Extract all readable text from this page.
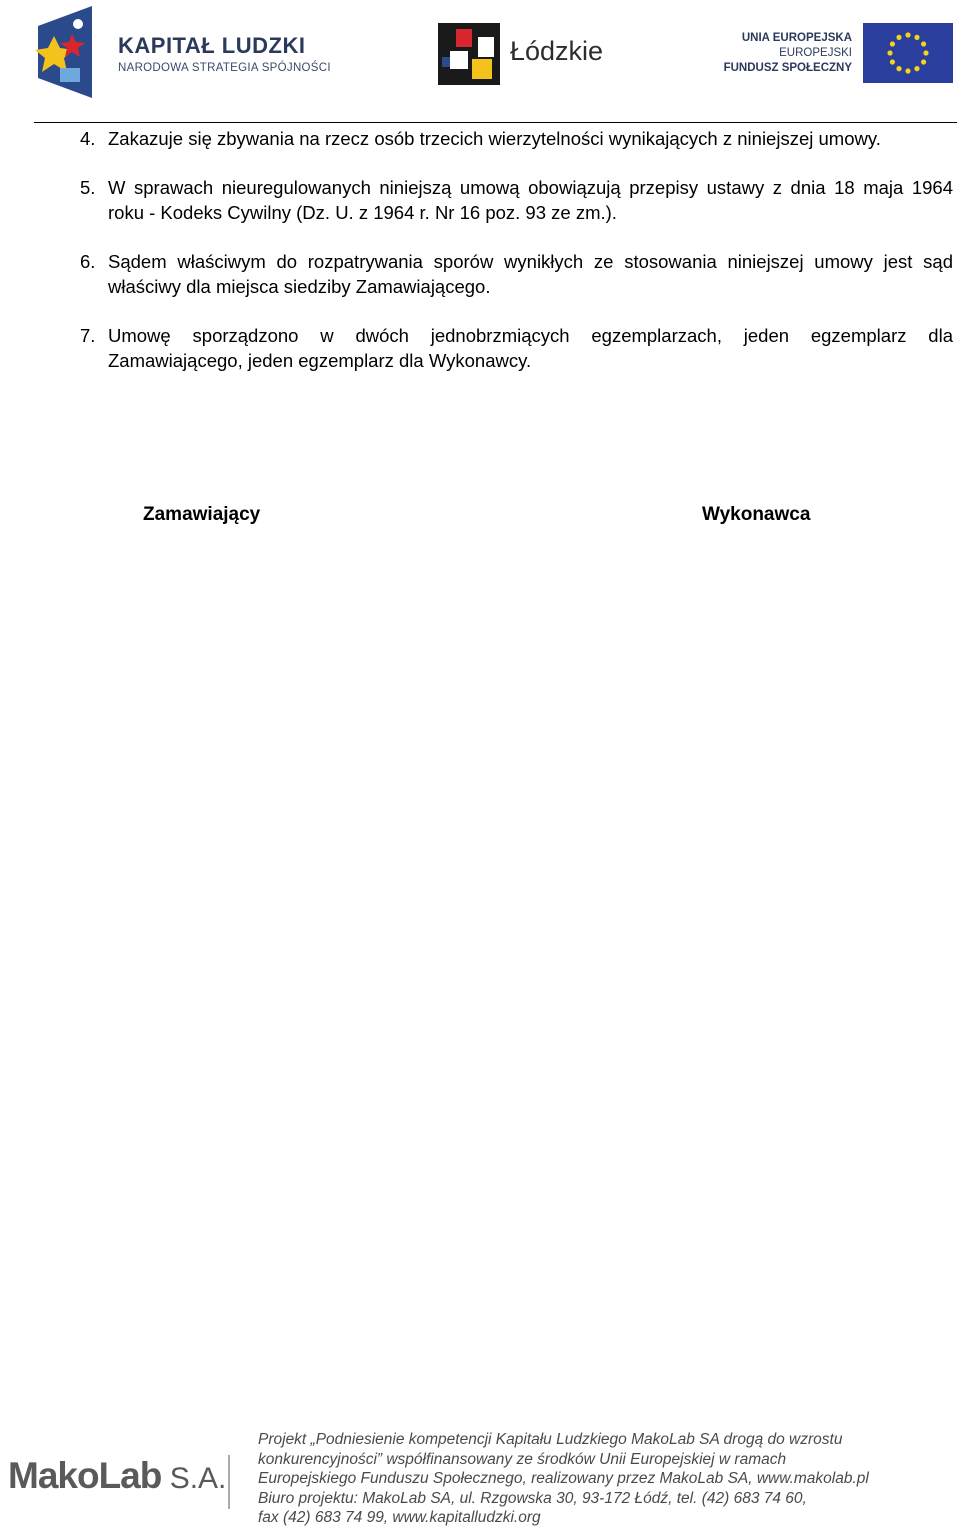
KAPITAŁ LUDZKI
NARODOWA STRATEGIA SPÓJNOŚCI
Łódzkie	UNIA EUROPEJSKA
EUROPEJSKI
FUNDUSZ SPOŁECZNY
4. Zakazuje się zbywania na rzecz osób trzecich wierzytelności wynikających z niniejszej umowy.
5. W sprawach nieuregulowanych niniejszą umową obowiązują przepisy ustawy z dnia 18 maja 1964 roku - Kodeks Cywilny (Dz. U. z 1964 r. Nr 16 poz. 93 ze zm.).
6. Sądem właściwym do rozpatrywania sporów wynikłych ze stosowania niniejszej umowy jest sąd właściwy dla miejsca siedziby Zamawiającego.
7. Umowę sporządzono w dwóch jednobrzmiących egzemplarzach, jeden egzemplarz dla Zamawiającego, jeden egzemplarz dla Wykonawcy.
Zamawiający	Wykonawca
MakoLab S.A.
Projekt „Podniesienie kompetencji Kapitału Ludzkiego MakoLab SA drogą do wzrostu
konkurencyjności” współfinansowany ze środków Unii Europejskiej w ramach
Europejskiego Funduszu Społecznego, realizowany przez MakoLab SA, www.makolab.pl
Biuro projektu: MakoLab SA, ul. Rzgowska 30, 93-172 Łódź, tel. (42) 683 74 60,
fax (42) 683 74 99, www.kapitalludzki.org
